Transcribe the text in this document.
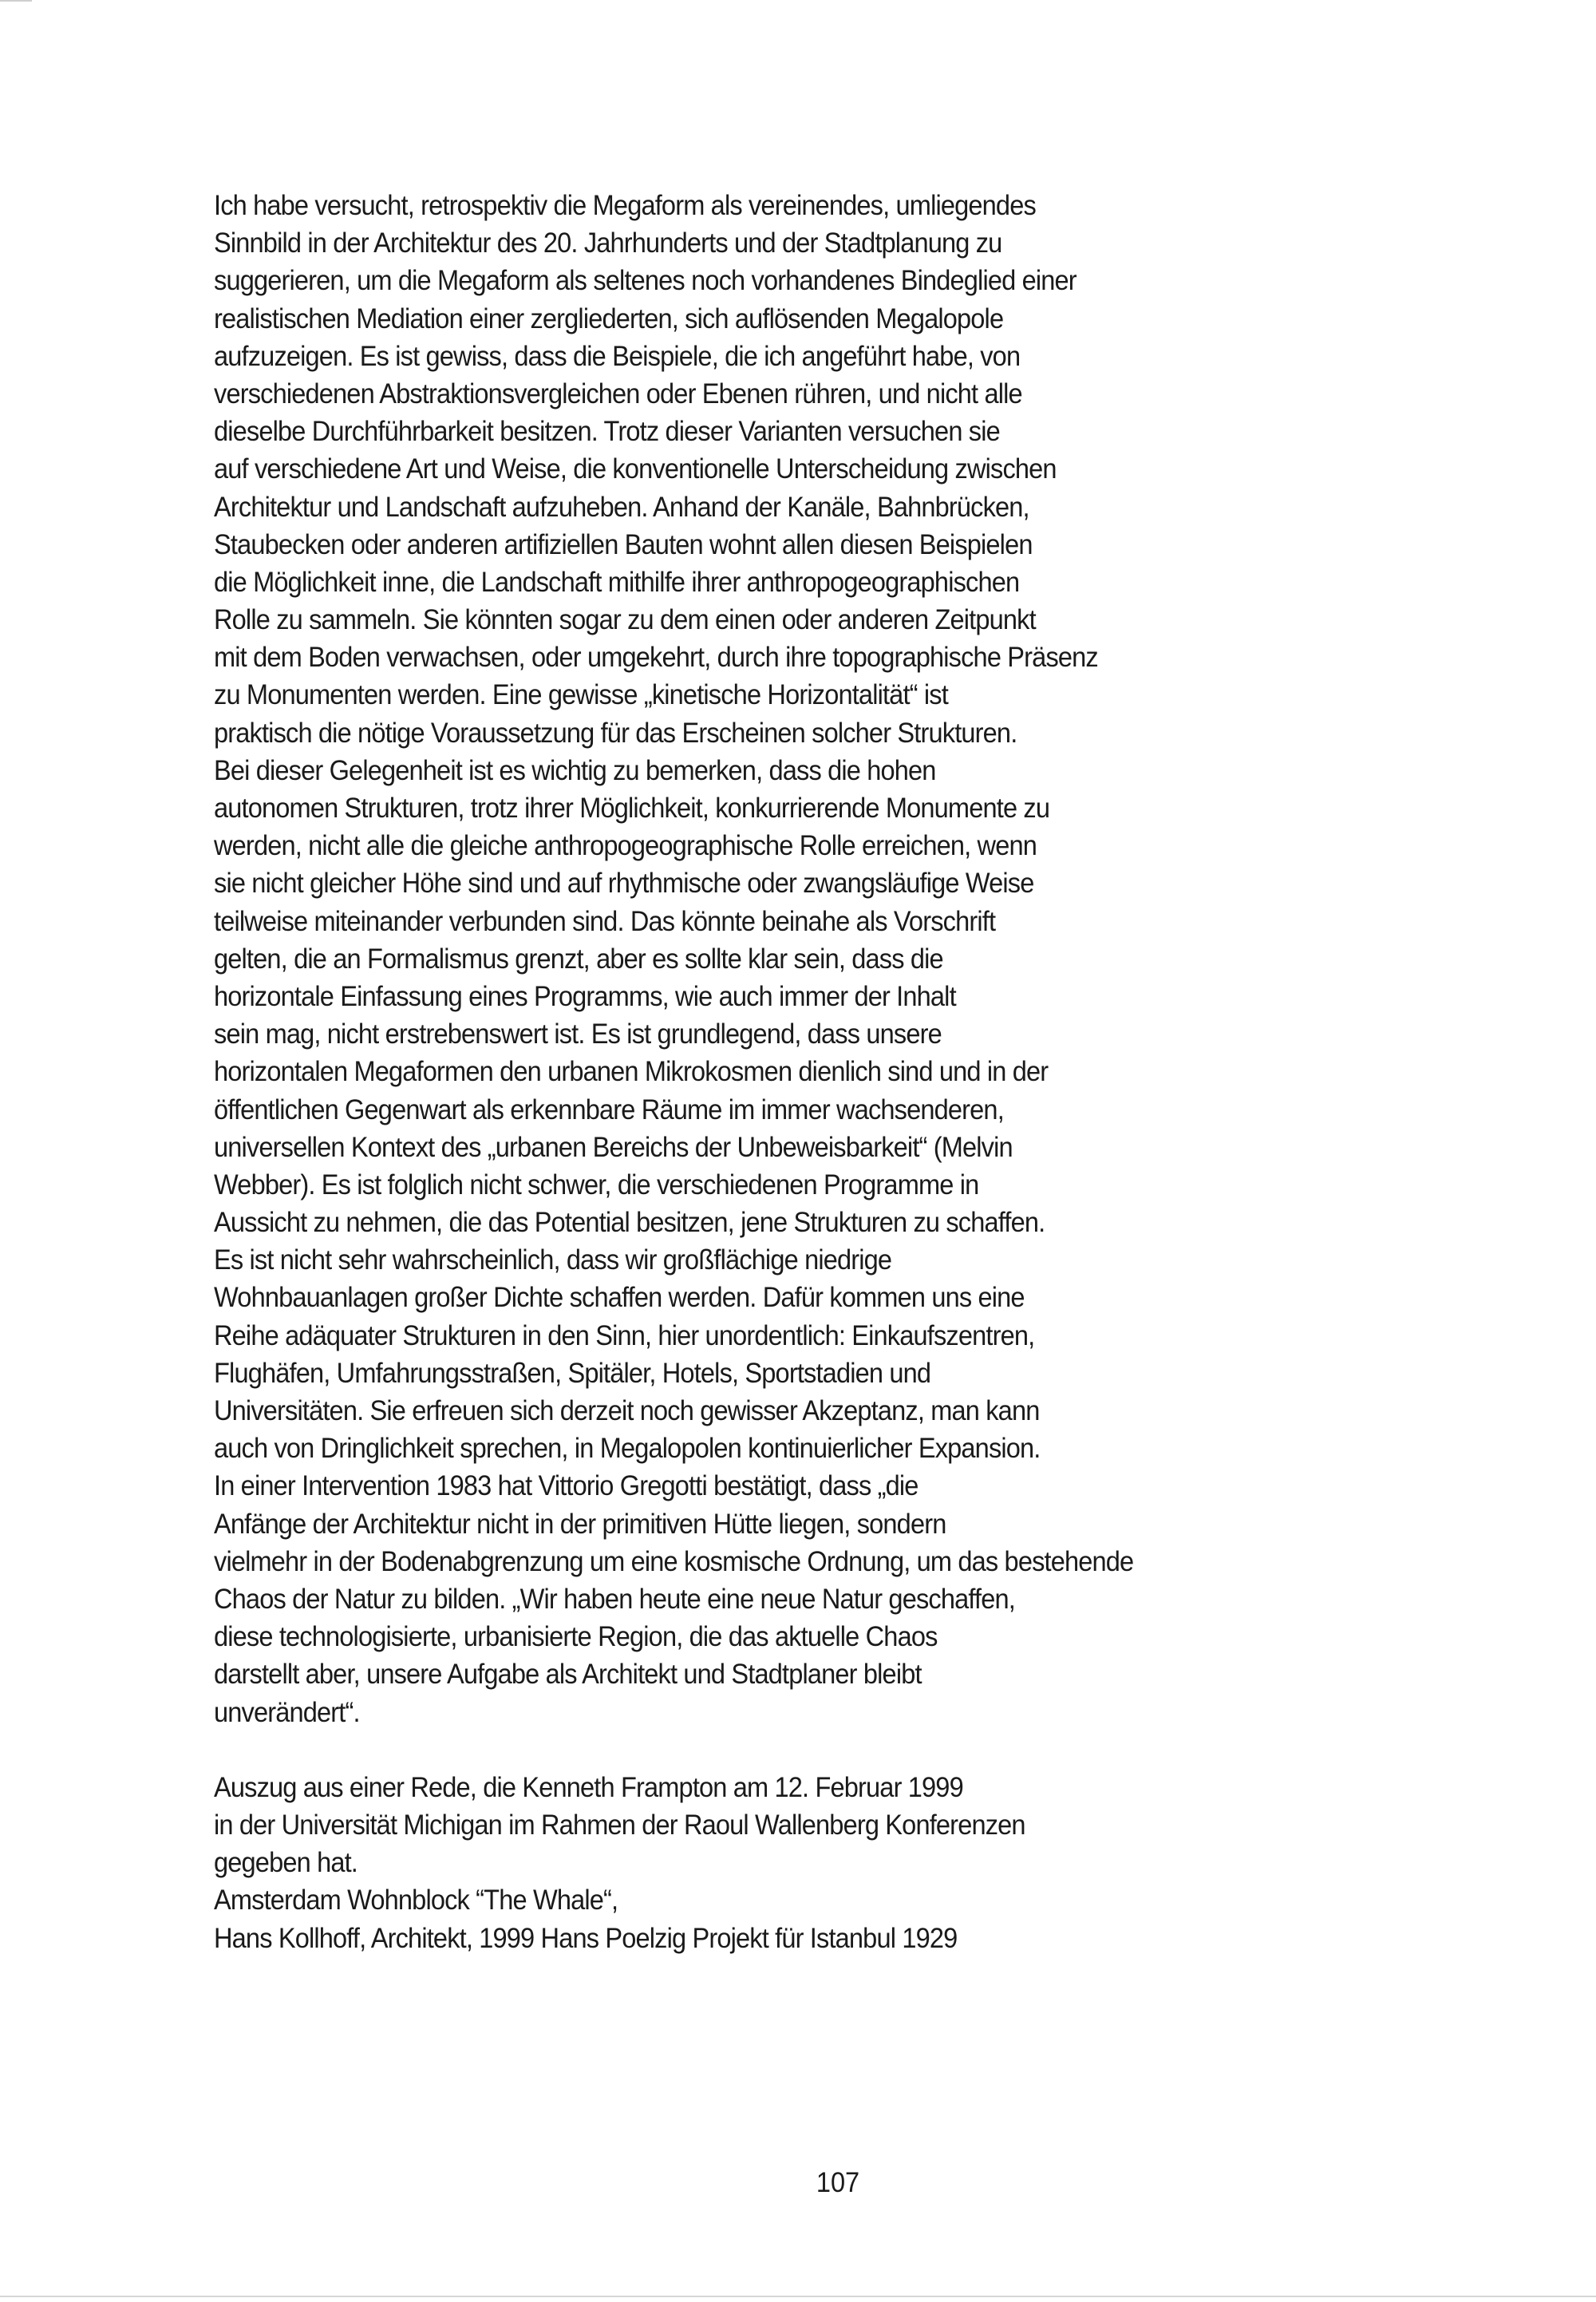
Ich habe versucht, retrospektiv die Megaform als vereinendes, umliegendes
Sinnbild in der Architektur des 20. Jahrhunderts und der Stadtplanung zu
suggerieren, um die Megaform als seltenes noch vorhandenes Bindeglied einer
realistischen Mediation einer zergliederten, sich auflösenden Megalopole
aufzuzeigen. Es ist gewiss, dass die Beispiele, die ich angeführt habe, von
verschiedenen Abstraktionsvergleichen oder Ebenen rühren, und nicht alle
dieselbe Durchführbarkeit besitzen. Trotz dieser Varianten versuchen sie
auf verschiedene Art und Weise, die konventionelle Unterscheidung zwischen
Architektur und Landschaft aufzuheben. Anhand der Kanäle, Bahnbrücken,
Staubecken oder anderen artifiziellen Bauten wohnt allen diesen Beispielen
die Möglichkeit inne, die Landschaft mithilfe ihrer anthropogeographischen
Rolle zu sammeln. Sie könnten sogar zu dem einen oder anderen Zeitpunkt
mit dem Boden verwachsen, oder umgekehrt, durch ihre topographische Präsenz
zu Monumenten werden. Eine gewisse „kinetische Horizontalität“ ist
praktisch die nötige Voraussetzung für das Erscheinen solcher Strukturen.
Bei dieser Gelegenheit ist es wichtig zu bemerken, dass die hohen
autonomen Strukturen, trotz ihrer Möglichkeit, konkurrierende Monumente zu
werden, nicht alle die gleiche anthropogeographische Rolle erreichen, wenn
sie nicht gleicher Höhe sind und auf rhythmische oder zwangsläufige Weise
teilweise miteinander verbunden sind. Das könnte beinahe als Vorschrift
gelten, die an Formalismus grenzt, aber es sollte klar sein, dass die
horizontale Einfassung eines Programms, wie auch immer der Inhalt
sein mag, nicht erstrebenswert ist. Es ist grundlegend, dass unsere
horizontalen Megaformen den urbanen Mikrokosmen dienlich sind und in der
öffentlichen Gegenwart als erkennbare Räume im immer wachsenderen,
universellen Kontext des „urbanen Bereichs der Unbeweisbarkeit“ (Melvin
Webber). Es ist folglich nicht schwer, die verschiedenen Programme in
Aussicht zu nehmen, die das Potential besitzen, jene Strukturen zu schaffen.
Es ist nicht sehr wahrscheinlich, dass wir großflächige niedrige
Wohnbauanlagen großer Dichte schaffen werden. Dafür kommen uns eine
Reihe adäquater Strukturen in den Sinn, hier unordentlich: Einkaufszentren,
Flughäfen, Umfahrungsstraßen, Spitäler, Hotels, Sportstadien und
Universitäten. Sie erfreuen sich derzeit noch gewisser Akzeptanz, man kann
auch von Dringlichkeit sprechen, in Megalopolen kontinuierlicher Expansion.
In einer Intervention 1983 hat Vittorio Gregotti bestätigt, dass „die
Anfänge der Architektur nicht in der primitiven Hütte liegen, sondern
vielmehr in der Bodenabgrenzung um eine kosmische Ordnung, um das bestehende
Chaos der Natur zu bilden. „Wir haben heute eine neue Natur geschaffen,
diese technologisierte, urbanisierte Region, die das aktuelle Chaos
darstellt aber, unsere Aufgabe als Architekt und Stadtplaner bleibt
unverändert“.
Auszug aus einer Rede, die Kenneth Frampton am 12. Februar 1999
in der Universität Michigan im Rahmen der Raoul Wallenberg Konferenzen
gegeben hat.
Amsterdam Wohnblock “The Whale“,
Hans Kollhoff, Architekt, 1999 Hans Poelzig Projekt für Istanbul 1929
107
